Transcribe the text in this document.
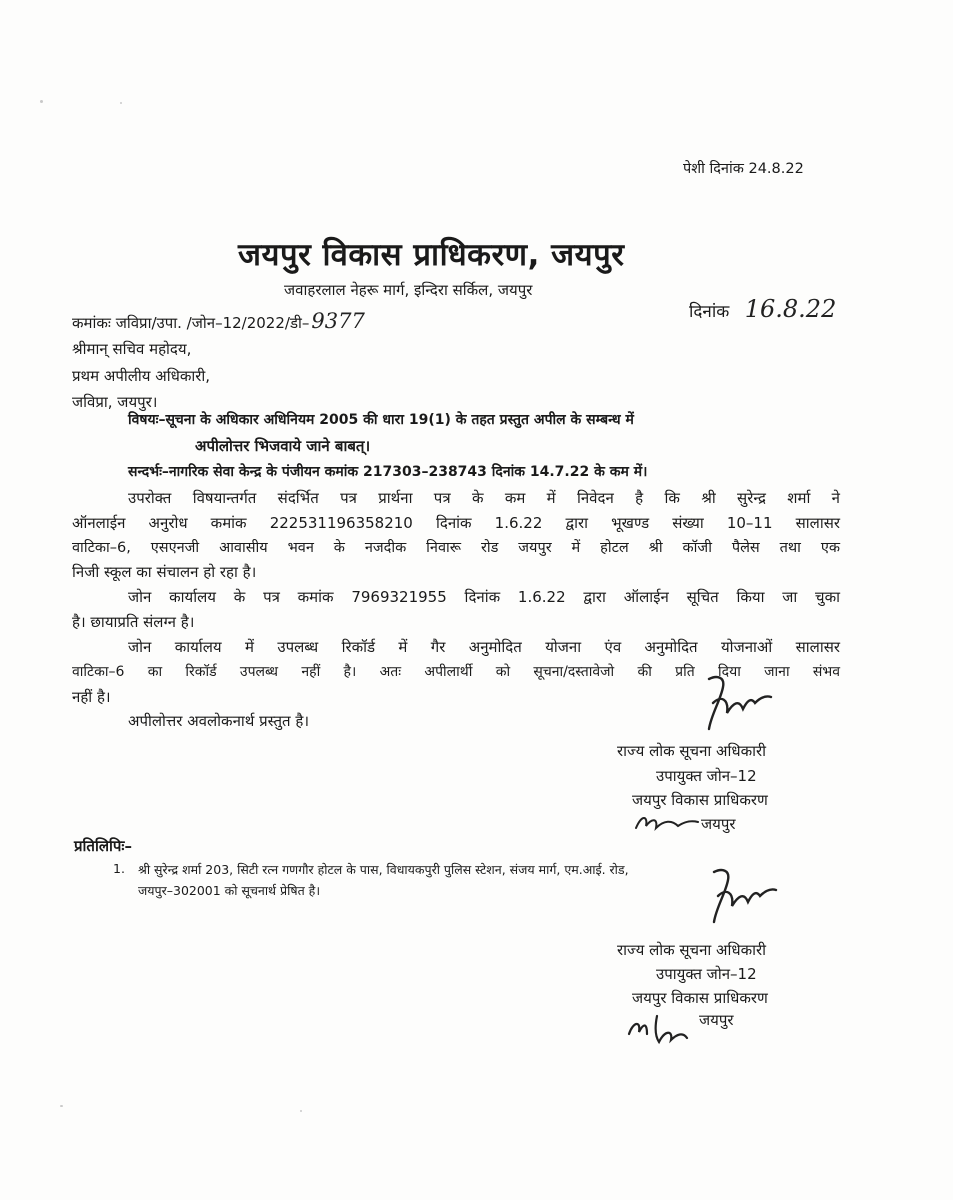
पेशी दिनांक 24.8.22
जयपुर विकास प्राधिकरण, जयपुर
जवाहरलाल नेहरू मार्ग, इन्दिरा सर्किल, जयपुर
कमांकः जविप्रा/उपा. /जोन–12/2022/डी–9377	दिनांक 16.8.22
श्रीमान् सचिव महोदय,
प्रथम अपीलीय अधिकारी,
जविप्रा, जयपुर।
विषयः–सूचना के अधिकार अधिनियम 2005 की धारा 19(1) के तहत प्रस्तुत अपील के सम्बन्ध में
अपीलोत्तर भिजवाये जाने बाबत्।
सन्दर्भः–नागरिक सेवा केन्द्र के पंजीयन कमांक 217303–238743 दिनांक 14.7.22 के कम में।
उपरोक्त विषयान्तर्गत संदर्भित पत्र प्रार्थना पत्र के कम में निवेदन है कि श्री सुरेन्द्र शर्मा ने
ऑनलाईन अनुरोध कमांक 222531196358210 दिनांक 1.6.22 द्वारा भूखण्ड संख्या 10–11 सालासर
वाटिका–6, एसएनजी आवासीय भवन के नजदीक निवारू रोड जयपुर में होटल श्री कॉजी पैलेस तथा एक
निजी स्कूल का संचालन हो रहा है।
जोन कार्यालय के पत्र कमांक 7969321955 दिनांक 1.6.22 द्वारा ऑलाईन सूचित किया जा चुका
है। छायाप्रति संलग्न है।
जोन कार्यालय में उपलब्ध रिकॉर्ड में गैर अनुमोदित योजना एंव अनुमोदित योजनाओं सालासर
वाटिका–6 का रिकॉर्ड उपलब्ध नहीं है। अतः अपीलार्थी को सूचना/दस्तावेजो की प्रति दिया जाना संभव
नहीं है।
अपीलोत्तर अवलोकनार्थ प्रस्तुत है।
राज्य लोक सूचना अधिकारी
उपायुक्त जोन–12
जयपुर विकास प्राधिकरण
जयपुर
प्रतिलिपिः–
1. श्री सुरेन्द्र शर्मा 203, सिटी रत्न गणगौर होटल के पास, विधायकपुरी पुलिस स्टेशन, संजय मार्ग, एम.आई. रोड,
जयपुर–302001 को सूचनार्थ प्रेषित है।
राज्य लोक सूचना अधिकारी
उपायुक्त जोन–12
जयपुर विकास प्राधिकरण
जयपुर
